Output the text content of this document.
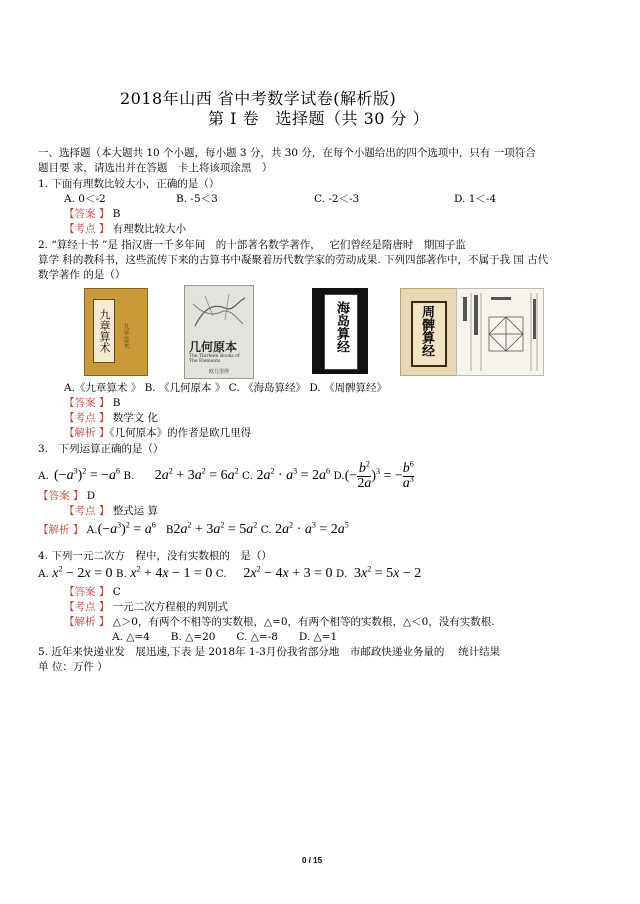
2018年山西 省中考数学试卷(解析版)
第 I 卷　选择题（共 30 分 ）
一、选择题（本大题共 10 个小题，每小题 3 分，共 30 分，在每个小题给出的四个选项中，只有 一项符合
题目要 求，请选出并在答题　卡上将该项涂黑　）
1. 下面有理数比较大小，正确的是（）
A. 0＜-2	B. -5＜3	C. -2＜-3	D. 1＜-4
【答案 】 B
【考点 】 有理数比较大小
2. “算经十书 ”是 指汉唐一千多年间　的十部著名数学著作，　 它们曾经是隋唐时　期国子监
算学 科的教科书，这些流传下来的古算书中凝聚着历代数学家的劳动成果. 下列四部著作中，不属于我 国 古代
数学著作 的是（）
九章算术	九章·算术	几何原本
The Thirteen Books of The Elements
欧几里得
海岛算经	周髀算经
A.《九章算术 》 B. 《几何原本 》 C. 《海岛算经》 D. 《周髀算经》
【答案 】 B
【考点 】 数学文 化
【解析 】《几何原本》的作者是欧几里得
3.　下列运算正确的是（）
A.
$(-a^3)^2 = -a^6$ B.
$2a^2 + 3a^2 = 6a^2$ C. $2a^2 \cdot a^3 = 2a^6$ D. (− $\frac{b^2}{2a} )^3$ = − $\frac{b^6}{a^3}$
【答案 】 D
【考点 】 整式运 算
【解析 】 A. $(-a^3)^2 = a^6$ B $2a^2 + 3a^2 = 5a^2$ C. $2a^2 \cdot a^3 = 2a^5$
4. 下列一元二次方　程中，没有实数根的　是（）
A. $x^2 - 2x = 0$ B. $x^2 + 4x - 1 = 0$ C. $2x^2 - 4x + 3 = 0$ D. $3x^2 = 5x - 2$
【答案 】 C
【考点 】 一元二次方程根的判别式
【解析 】 △＞0，有两个不相等的实数根，△=0，有两个相等的实数根，△＜0，没有实数根.
A. △=4　　B. △=20　　C. △=-8　　D. △=1
5. 近年来快递业发　展迅速,下表 是 2018年 1-3月份我省部分地　市邮政快递业务量的　 统计结果
单 位：万件 ）
0 / 15
